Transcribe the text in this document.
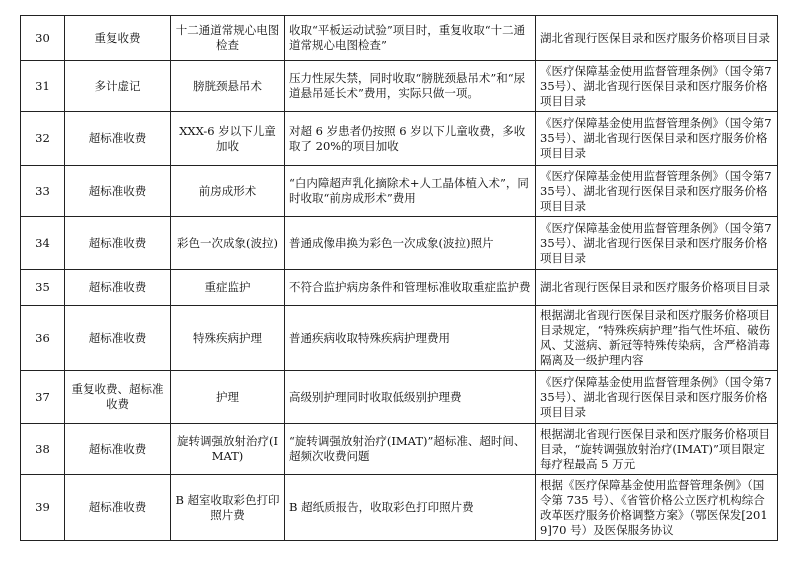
30	重复收费	十二通道常规心电图检查	收取“平板运动试验”项目时，重复收取“十二通道常规心电图检查”	湖北省现行医保目录和医疗服务价格项目目录
31	多计虚记	膀胱颈悬吊术	压力性尿失禁，同时收取“膀胱颈悬吊术”和“尿道悬吊延长术”费用，实际只做一项。	《医疗保障基金使用监督管理条例》（国令第735号）、湖北省现行医保目录和医疗服务价格项目目录
32	超标准收费	XXX-6 岁以下儿童加收	对超 6 岁患者仍按照 6 岁以下儿童收费，多收取了 20%的项目加收	《医疗保障基金使用监督管理条例》（国令第735号）、湖北省现行医保目录和医疗服务价格项目目录
33	超标准收费	前房成形术	“白内障超声乳化摘除术+人工晶体植入术”，同时收取“前房成形术”费用	《医疗保障基金使用监督管理条例》（国令第735号）、湖北省现行医保目录和医疗服务价格项目目录
34	超标准收费	彩色一次成象(波拉)	普通成像串换为彩色一次成象(波拉)照片	《医疗保障基金使用监督管理条例》（国令第735号）、湖北省现行医保目录和医疗服务价格项目目录
35	超标准收费	重症监护	不符合监护病房条件和管理标准收取重症监护费	湖北省现行医保目录和医疗服务价格项目目录
36	超标准收费	特殊疾病护理	普通疾病收取特殊疾病护理费用	根据湖北省现行医保目录和医疗服务价格项目目录规定，“特殊疾病护理”指气性坏疽、破伤风、艾滋病、新冠等特殊传染病，含严格消毒隔离及一级护理内容
37	重复收费、超标准收费	护理	高级别护理同时收取低级别护理费	《医疗保障基金使用监督管理条例》（国令第735号）、湖北省现行医保目录和医疗服务价格项目目录
38	超标准收费	旋转调强放射治疗(IMAT)	“旋转调强放射治疗(IMAT)”超标准、超时间、超频次收费问题	根据湖北省现行医保目录和医疗服务价格项目目录，“旋转调强放射治疗(IMAT)”项目限定每疗程最高 5 万元
39	超标准收费	B 超室收取彩色打印照片费	B 超纸质报告，收取彩色打印照片费	根据《医疗保障基金使用监督管理条例》（国令第 735 号）、《省管价格公立医疗机构综合改革医疗服务价格调整方案》（鄂医保发[2019]70 号）及医保服务协议
